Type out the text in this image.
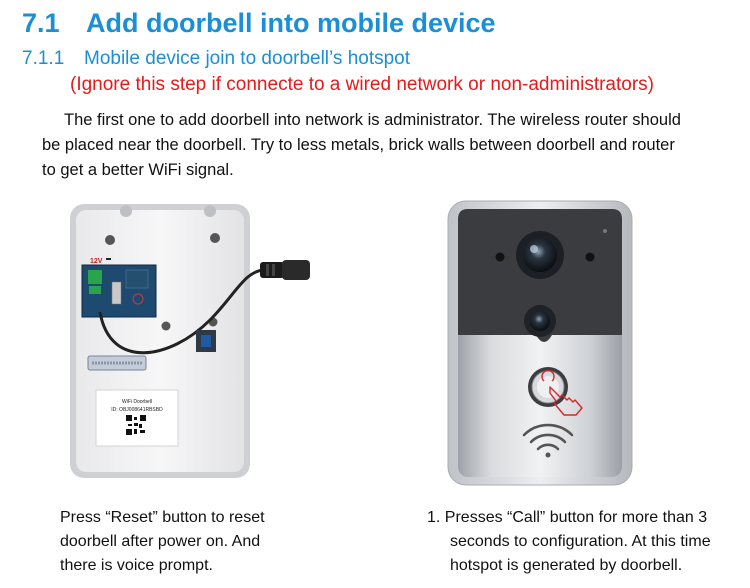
7.1 Add doorbell into mobile device
7.1.1 Mobile device join to doorbell’s hotspot
(Ignore this step if connecte to a wired network or non-administrators)
The first one to add doorbell into network is administrator. The wireless router should
be placed near the doorbell. Try to less metals, brick walls between doorbell and router
to get a better WiFi signal.
12V
WiFi Doorbell
ID: OBJ008641RBSBD
Press “Reset” button to reset
doorbell after power on. And
there is voice prompt.
1. Presses “Call” button for more than 3
seconds to configuration. At this time
hotspot is generated by doorbell.
